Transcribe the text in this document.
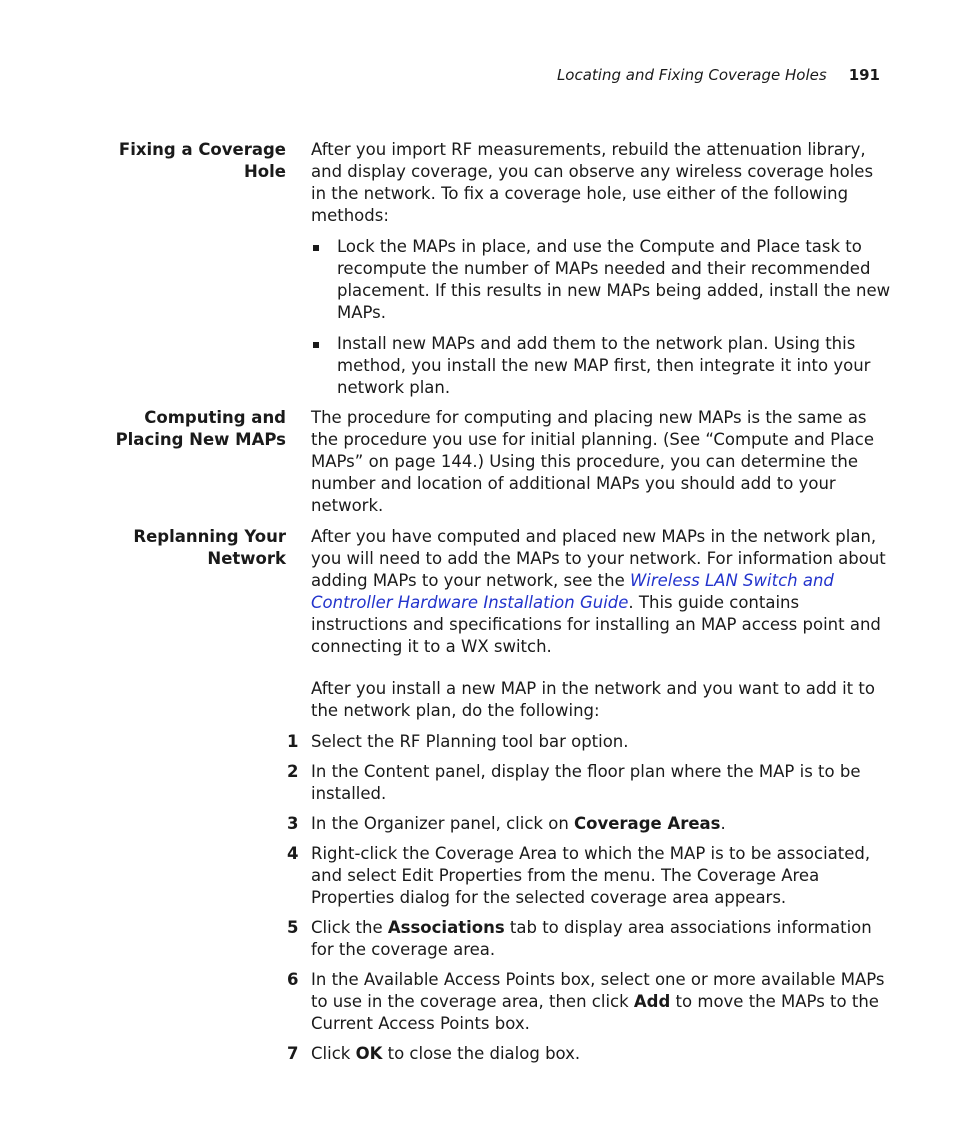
Locating and Fixing Coverage Holes 191
Fixing a Coverage
Hole

After you import RF measurements, rebuild the attenuation library, and display coverage, you can observe any wireless coverage holes in the network. To fix a coverage hole, use either of the following methods:

Lock the MAPs in place, and use the Compute and Place task to recompute the number of MAPs needed and their recommended placement. If this results in new MAPs being added, install the new MAPs.
Install new MAPs and add them to the network plan. Using this method, you install the new MAP first, then integrate it into your network plan.
Computing and
Placing New MAPs

The procedure for computing and placing new MAPs is the same as the procedure you use for initial planning. (See “Compute and Place MAPs” on page 144.) Using this procedure, you can determine the number and location of additional MAPs you should add to your network.

Replanning Your
Network

After you have computed and placed new MAPs in the network plan, you will need to add the MAPs to your network. For information about adding MAPs to your network, see the Wireless LAN Switch and Controller Hardware Installation Guide. This guide contains instructions and specifications for installing an MAP access point and connecting it to a WX switch.

After you install a new MAP in the network and you want to add it to the network plan, do the following:

1 Select the RF Planning tool bar option.
2 In the Content panel, display the floor plan where the MAP is to be installed.
3 In the Organizer panel, click on Coverage Areas.
4 Right-click the Coverage Area to which the MAP is to be associated, and select Edit Properties from the menu. The Coverage Area Properties dialog for the selected coverage area appears.
5 Click the Associations tab to display area associations information for the coverage area.
6 In the Available Access Points box, select one or more available MAPs to use in the coverage area, then click Add to move the MAPs to the Current Access Points box.
7 Click OK to close the dialog box.
